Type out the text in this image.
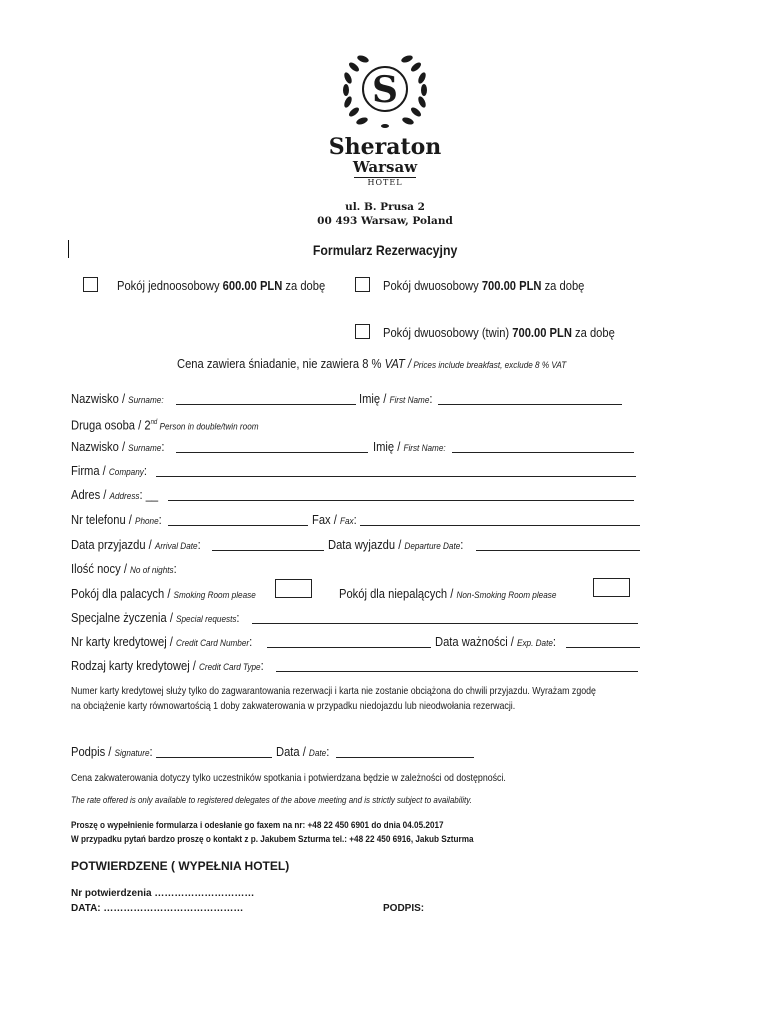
S
Sheraton
Warsaw
HOTEL
ul. B. Prusa 2
00 493 Warsaw, Poland
Formularz Rezerwacyjny
Pokój jednoosobowy 600.00 PLN za dobę	Pokój dwuosobowy 700.00 PLN za dobę
Pokój dwuosobowy (twin) 700.00 PLN za dobę
Cena zawiera śniadanie, nie zawiera 8 % VAT / Prices include breakfast, exclude 8 % VAT
Nazwisko / Surname:	Imię / First Name:
Druga osoba / 2nd Person in double/twin room
Nazwisko / Surname:	Imię / First Name:
Firma / Company:
Adres / Address: __
Nr telefonu / Phone:	Fax / Fax:
Data przyjazdu / Arrival Date:	Data wyjazdu / Departure Date:
Ilość nocy / No of nights:
Pokój dla palacych / Smoking Room please	Pokój dla niepalących / Non-Smoking Room please
Specjalne życzenia / Special requests:
Nr karty kredytowej / Credit Card Number:	Data ważności / Exp. Date:
Rodzaj karty kredytowej / Credit Card Type:
Numer karty kredytowej służy tylko do zagwarantowania rezerwacji i karta nie zostanie obciążona do chwili przyjazdu. Wyrażam zgodę
na obciążenie karty równowartością 1 doby zakwaterowania w przypadku niedojazdu lub nieodwołania rezerwacji.
Podpis / Signature:	Data / Date:
Cena zakwaterowania dotyczy tylko uczestników spotkania i potwierdzana będzie w zależności od dostępności.
The rate offered is only available to registered delegates of the above meeting and is strictly subject to availability.
Proszę o wypełnienie formularza i odesłanie go faxem na nr: +48 22 450 6901 do dnia 04.05.2017
W przypadku pytań bardzo proszę o kontakt z p. Jakubem Szturma tel.: +48 22 450 6916, Jakub Szturma
POTWIERDZENE ( WYPEŁNIA HOTEL)
Nr potwierdzenia …………………………
DATA: ……………………………………	PODPIS:
